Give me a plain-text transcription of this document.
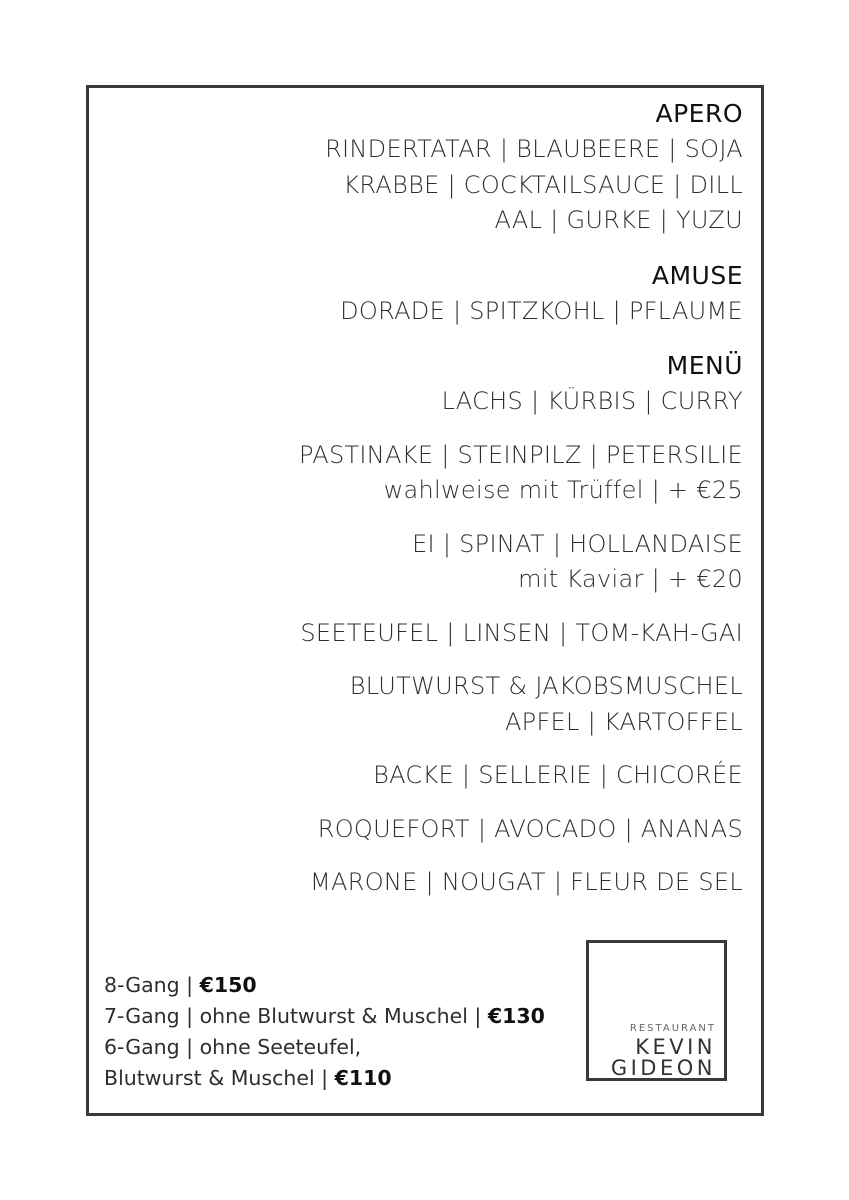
APERO
RINDERTATAR | BLAUBEERE | SOJA
KRABBE | COCKTAILSAUCE | DILL
AAL | GURKE | YUZU
AMUSE
DORADE | SPITZKOHL | PFLAUME
MENÜ
LACHS | KÜRBIS | CURRY
PASTINAKE | STEINPILZ | PETERSILIE
wahlweise mit Trüffel | + €25
EI | SPINAT | HOLLANDAISE
mit Kaviar | + €20
SEETEUFEL | LINSEN | TOM-KAH-GAI
BLUTWURST & JAKOBSMUSCHEL
APFEL | KARTOFFEL
BACKE | SELLERIE | CHICORÉE
ROQUEFORT | AVOCADO | ANANAS
MARONE | NOUGAT | FLEUR DE SEL
8-Gang | €150
7-Gang | ohne Blutwurst & Muschel | €130
6-Gang | ohne Seeteufel,
Blutwurst & Muschel | €110
RESTAURANT
KEVIN
GIDEON
